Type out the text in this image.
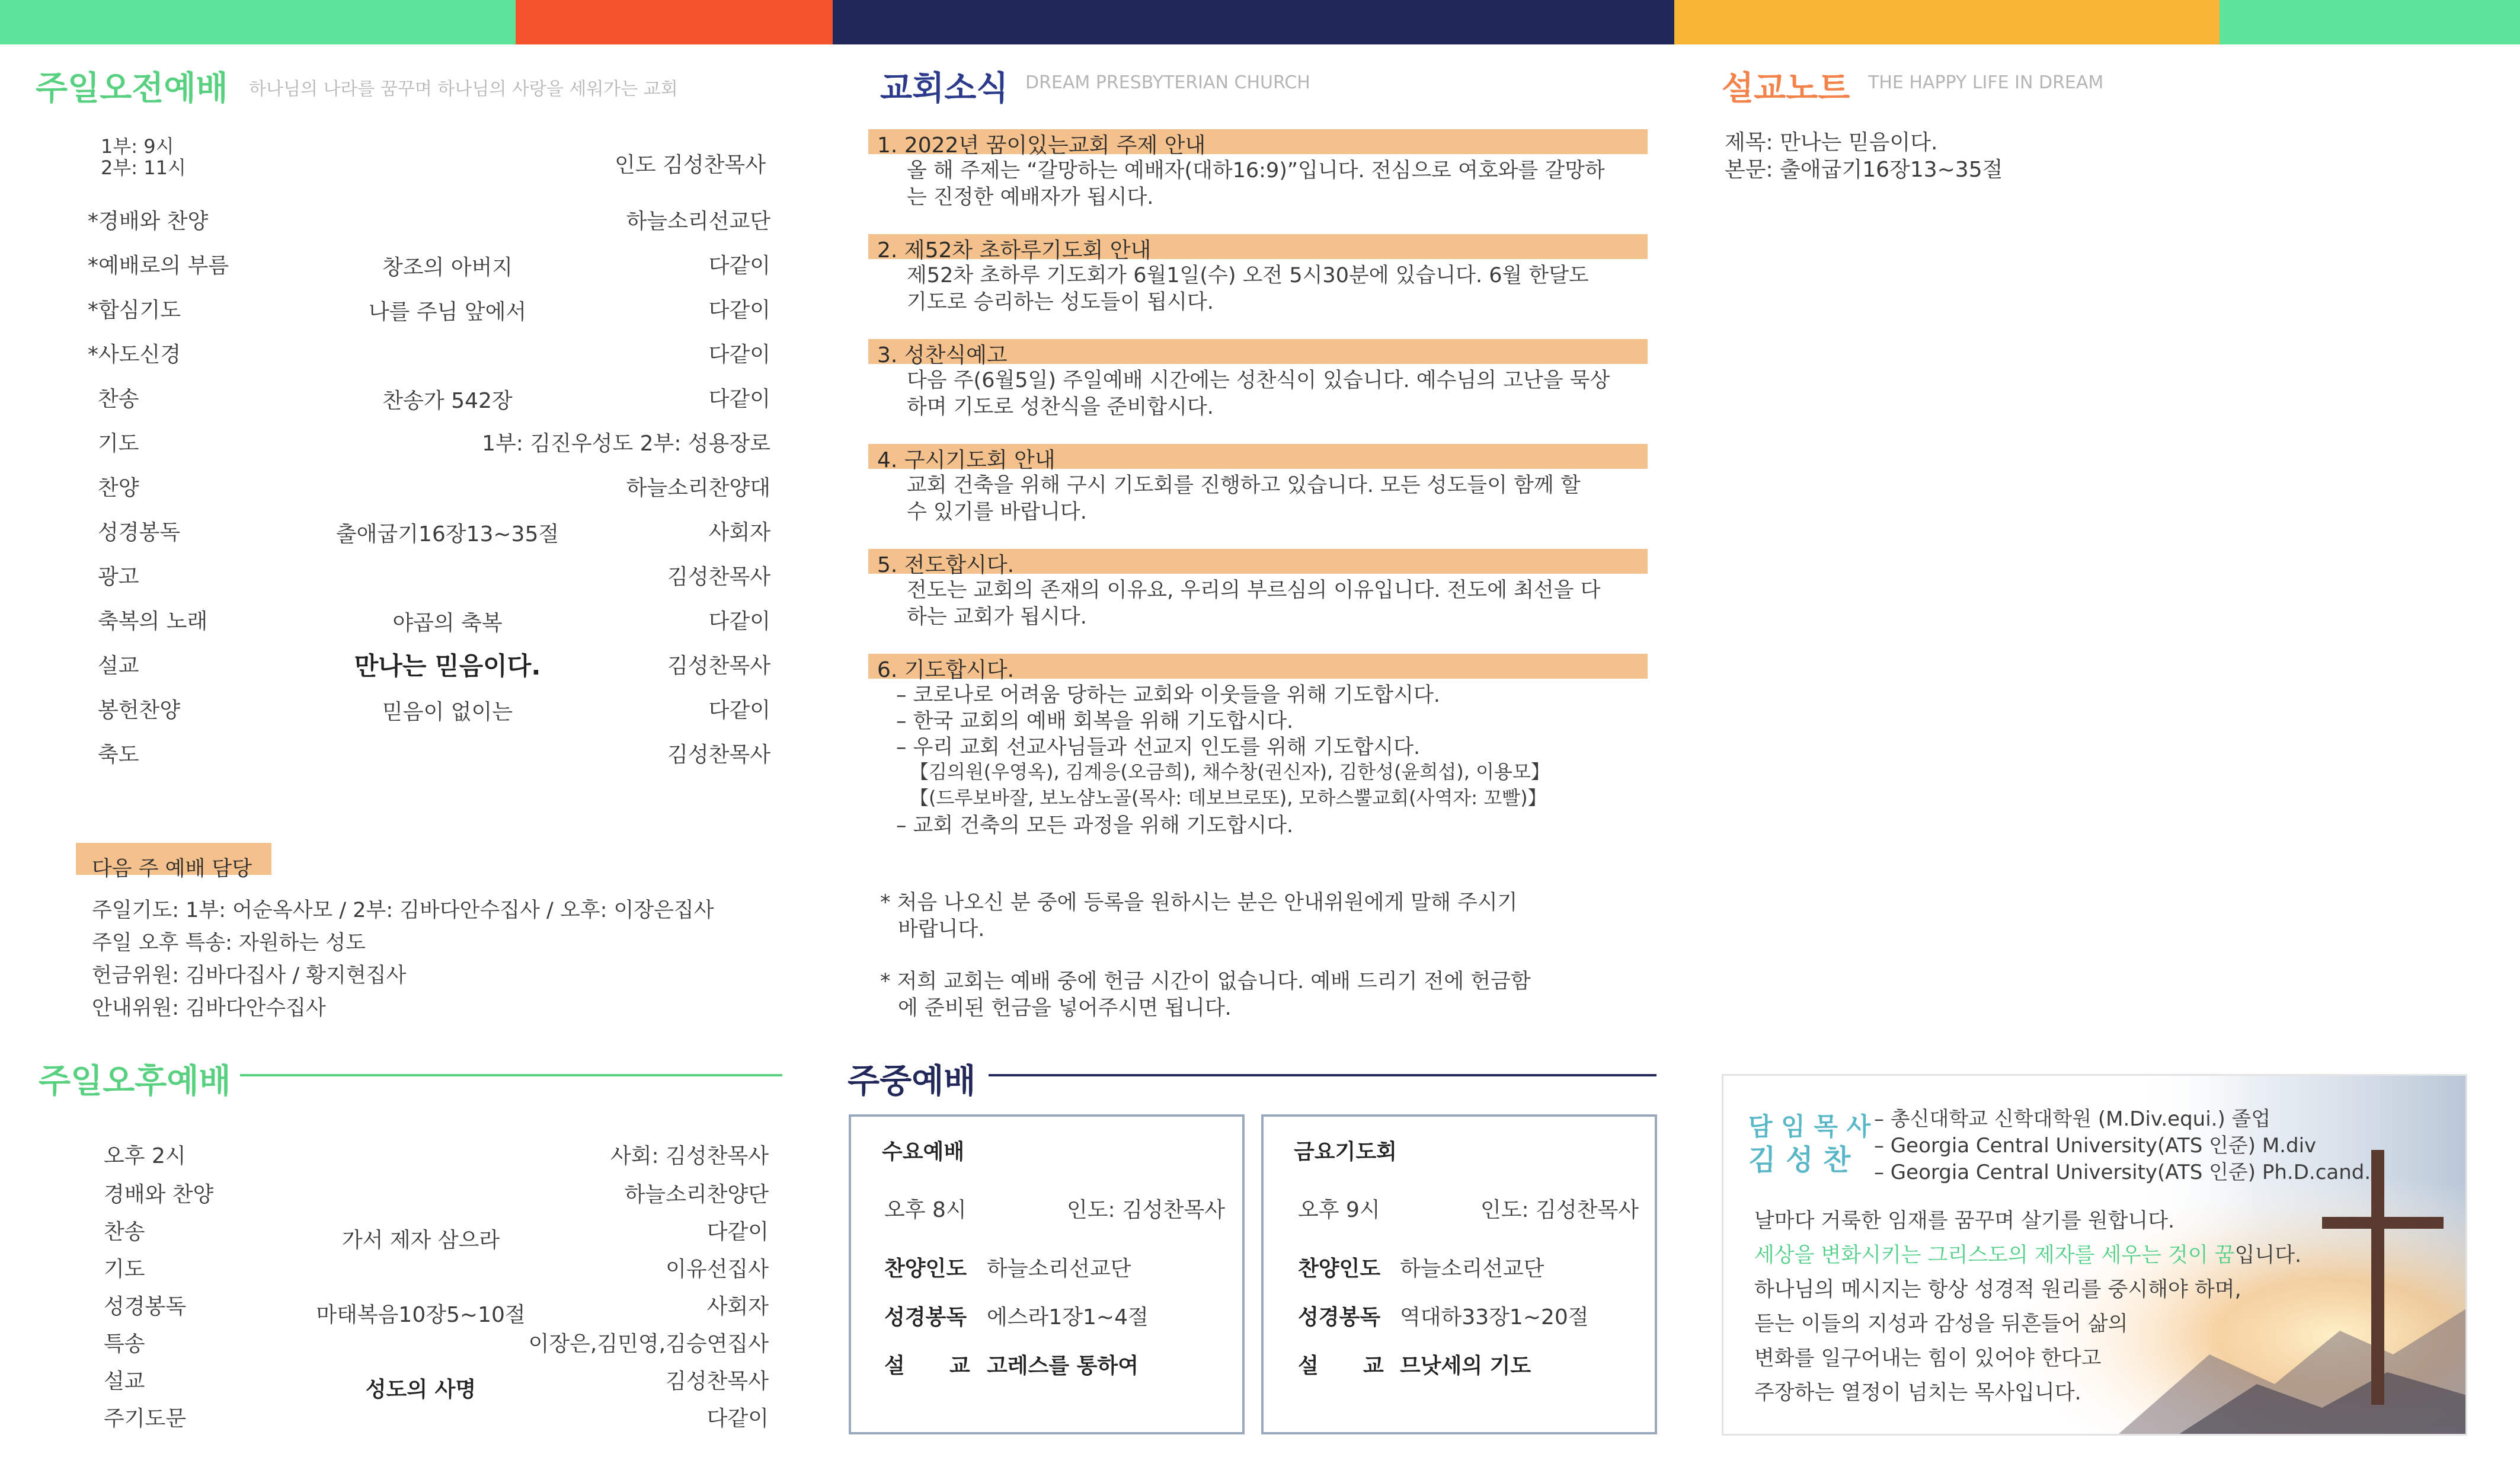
주일오전예배 하나님의 나라를 꿈꾸며 하나님의 사랑을 세워가는 교회
1부: 9시
2부: 11시	인도 김성찬목사
*경배와 찬양	하늘소리선교단
*예배로의 부름	창조의 아버지	다같이
*합심기도	나를 주님 앞에서	다같이
*사도신경	다같이
찬송	찬송가 542장	다같이
기도	1부: 김진우성도 2부: 성용장로
찬양	하늘소리찬양대
성경봉독	출애굽기16장13~35절	사회자
광고	김성찬목사
축복의 노래	야곱의 축복	다같이
설교	만나는 믿음이다.	김성찬목사
봉헌찬양	믿음이 없이는	다같이
축도	김성찬목사
다음 주 예배 담당
주일기도: 1부: 어순옥사모 / 2부: 김바다안수집사 / 오후: 이장은집사
주일 오후 특송: 자원하는 성도
헌금위원: 김바다집사 / 황지현집사
안내위원: 김바다안수집사
주일오후예배
오후 2시	사회: 김성찬목사
경배와 찬양	하늘소리찬양단
찬송	가서 제자 삼으라	다같이
기도	이유선집사
성경봉독	마태복음10장5~10절	사회자
특송	이장은,김민영,김승연집사
설교	성도의 사명	김성찬목사
주기도문	다같이
교회소식 DREAM PRESBYTERIAN CHURCH
1. 2022년 꿈이있는교회 주제 안내
올 해 주제는 “갈망하는 예배자(대하16:9)”입니다. 전심으로 여호와를 갈망하
는 진정한 예배자가 됩시다.
2. 제52차 초하루기도회 안내
제52차 초하루 기도회가 6월1일(수) 오전 5시30분에 있습니다. 6월 한달도
기도로 승리하는 성도들이 됩시다.
3. 성찬식예고
다음 주(6월5일) 주일예배 시간에는 성찬식이 있습니다. 예수님의 고난을 묵상
하며 기도로 성찬식을 준비합시다.
4. 구시기도회 안내
교회 건축을 위해 구시 기도회를 진행하고 있습니다. 모든 성도들이 함께 할
수 있기를 바랍니다.
5. 전도합시다.
전도는 교회의 존재의 이유요, 우리의 부르심의 이유입니다. 전도에 최선을 다
하는 교회가 됩시다.
6. 기도합시다.
– 코로나로 어려움 당하는 교회와 이웃들을 위해 기도합시다.
– 한국 교회의 예배 회복을 위해 기도합시다.
– 우리 교회 선교사님들과 선교지 인도를 위해 기도합시다.
【김의원(우영옥), 김계응(오금희), 채수창(권신자), 김한성(윤희섭), 이용모】
【(드루보바잘, 보노샴노골(목사: 데보브로또), 모하스뿔교회(사역자: 꼬빨)】
– 교회 건축의 모든 과정을 위해 기도합시다.
* 처음 나오신 분 중에 등록을 원하시는 분은 안내위원에게 말해 주시기
바랍니다.
* 저희 교회는 예배 중에 헌금 시간이 없습니다. 예배 드리기 전에 헌금함
에 준비된 헌금을 넣어주시면 됩니다.
주중예배
수요예배
오후 8시	인도: 김성찬목사
찬양인도 하늘소리선교단
성경봉독 에스라1장1~4절
설      교 고레스를 통하여
금요기도회
오후 9시	인도: 김성찬목사
찬양인도 하늘소리선교단
성경봉독 역대하33장1~20절
설      교 므낫세의 기도
설교노트 THE HAPPY LIFE IN DREAM
제목: 만나는 믿음이다.
본문: 출애굽기16장13~35절
담 임 목 사
김 성 찬
– 총신대학교 신학대학원 (M.Div.equi.) 졸업
– Georgia Central University(ATS 인준) M.div
– Georgia Central University(ATS 인준) Ph.D.cand.
날마다 거룩한 임재를 꿈꾸며 살기를 원합니다.
세상을 변화시키는 그리스도의 제자를 세우는 것이 꿈입니다.
하나님의 메시지는 항상 성경적 원리를 중시해야 하며,
듣는 이들의 지성과 감성을 뒤흔들어 삶의
변화를 일구어내는 힘이 있어야 한다고
주장하는 열정이 넘치는 목사입니다.
